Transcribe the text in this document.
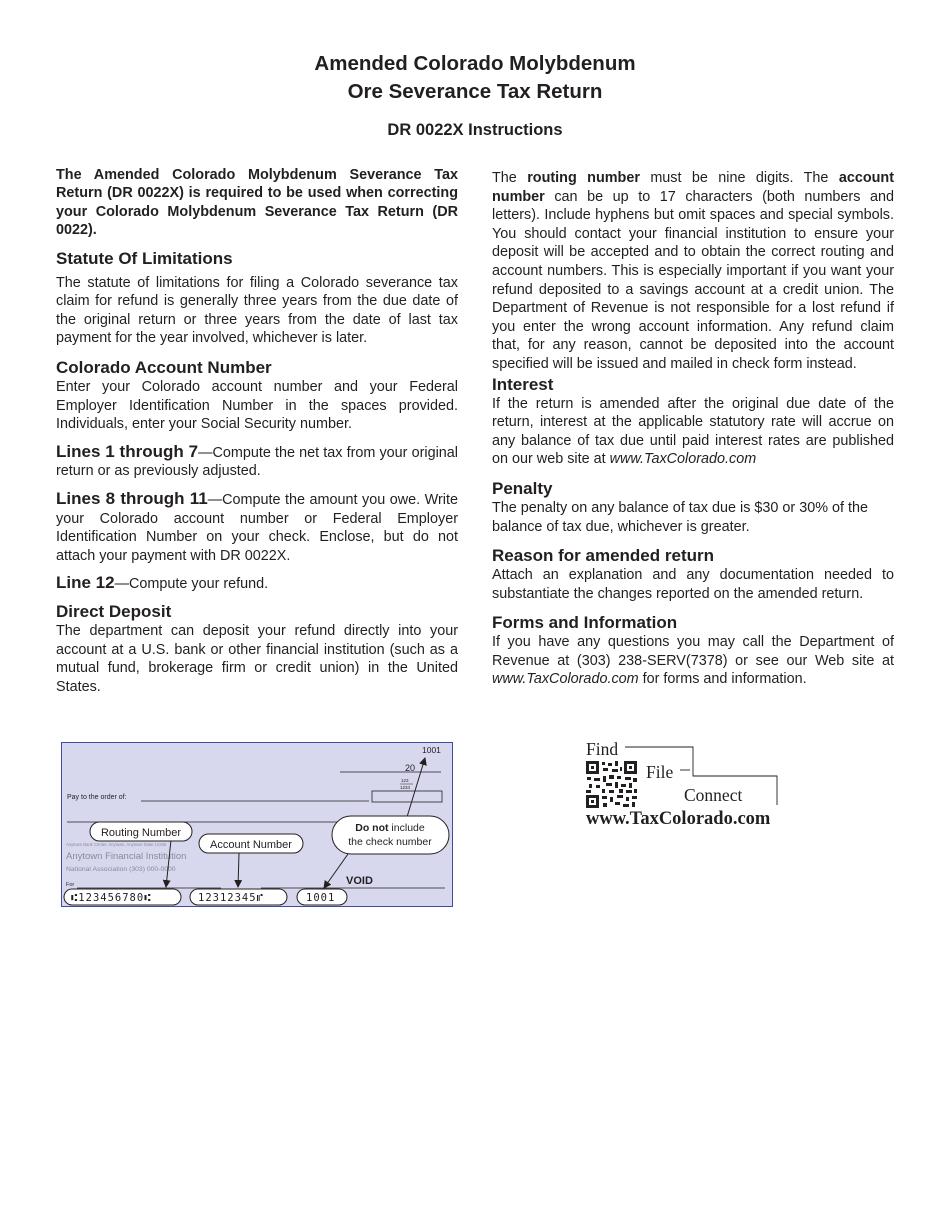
Amended Colorado Molybdenum
Ore Severance Tax Return
DR 0022X Instructions

The Amended Colorado Molybdenum Severance Tax Return (DR 0022X) is required to be used when correcting your Colorado Molybdenum Severance Tax Return (DR 0022).

Statute Of Limitations

The statute of limitations for filing a Colorado severance tax claim for refund is generally three years from the due date of the original return or three years from the date of last tax payment for the year involved, whichever is later.

Colorado Account Number

Enter your Colorado account number and your Federal Employer Identification Number in the spaces provided. Individuals, enter your Social Security number.

Lines 1 through 7—Compute the net tax from your original return or as previously adjusted.

Lines 8 through 11—Compute the amount you owe. Write your Colorado account number or Federal Employer Identification Number on your check. Enclose, but do not attach your payment with DR 0022X.

Line 12—Compute your refund.

Direct Deposit

The department can deposit your refund directly into your account at a U.S. bank or other financial institution (such as a mutual fund, brokerage firm or credit union) in the United States.

The routing number must be nine digits. The account number can be up to 17 characters (both numbers and letters). Include hyphens but omit spaces and special symbols. You should contact your financial institution to ensure your deposit will be accepted and to obtain the correct routing and account numbers. This is especially important if you want your refund deposited to a savings account at a credit union. The Department of Revenue is not responsible for a lost refund if you enter the wrong account information. Any refund claim that, for any reason, cannot be deposited into the account specified will be issued and mailed in check form instead.

Interest

If the return is amended after the original due date of the return, interest at the applicable statutory rate will accrue on any balance of tax due until paid interest rates are published on our web site at www.TaxColorado.com

Penalty

The penalty on any balance of tax due is $30 or 30% of the balance of tax due, whichever is greater.

Reason for amended return

Attach an explanation and any documentation needed to substantiate the changes reported on the amended return.

Forms and Information

If you have any questions you may call the Department of Revenue at (303) 238-SERV(7378) or see our Web site at www.TaxColorado.com for forms and information.

1001
20
123
1234
Pay to the order of:
Anytown Bank Center, Anytown, Anytown State 12345
Anytown Financial Institution
National Association (303) 000-0000
For	VOID
⑆123456780⑆	12312345⑈	1001
Routing Number
Account Number
Do not include
the check number
Find
File
Connect
www.TaxColorado.com
